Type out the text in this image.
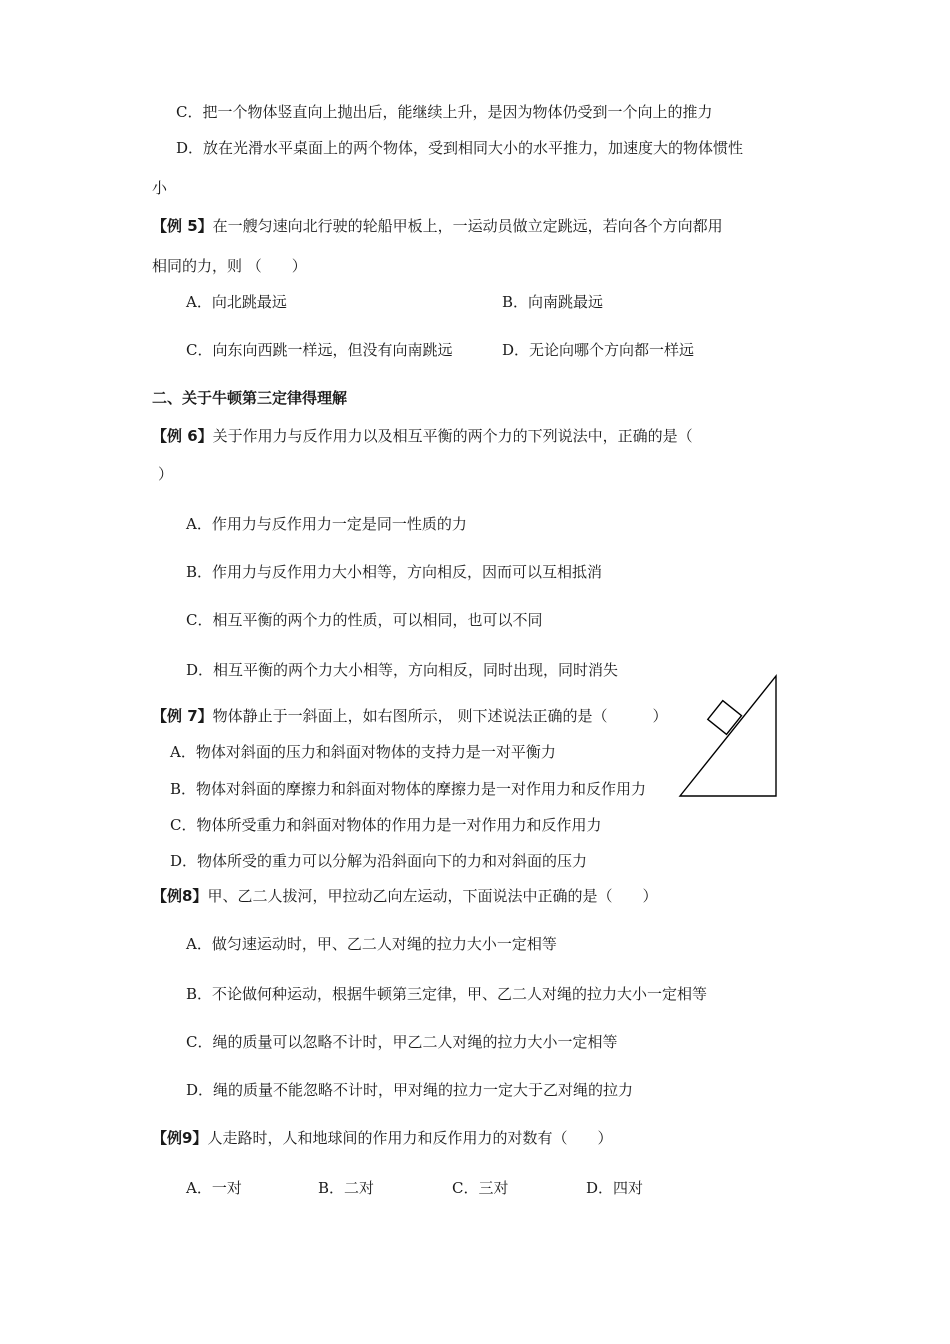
C．把一个物体竖直向上抛出后，能继续上升，是因为物体仍受到一个向上的推力
D．放在光滑水平桌面上的两个物体，受到相同大小的水平推力，加速度大的物体惯性
小
【例 5】在一艘匀速向北行驶的轮船甲板上，一运动员做立定跳远，若向各个方向都用
相同的力，则 （　　）
A．向北跳最远	B．向南跳最远
C．向东向西跳一样远，但没有向南跳远	D．无论向哪个方向都一样远
二、关于牛顿第三定律得理解
【例 6】关于作用力与反作用力以及相互平衡的两个力的下列说法中，正确的是（
）
A．作用力与反作用力一定是同一性质的力
B．作用力与反作用力大小相等，方向相反，因而可以互相抵消
C．相互平衡的两个力的性质，可以相同，也可以不同
D．相互平衡的两个力大小相等，方向相反，同时出现，同时消失
【例 7】物体静止于一斜面上，如右图所示， 则下述说法正确的是（　　　）
A．物体对斜面的压力和斜面对物体的支持力是一对平衡力
B．物体对斜面的摩擦力和斜面对物体的摩擦力是一对作用力和反作用力
C．物体所受重力和斜面对物体的作用力是一对作用力和反作用力
D．物体所受的重力可以分解为沿斜面向下的力和对斜面的压力
【例8】甲、乙二人拔河，甲拉动乙向左运动，下面说法中正确的是（　　）
A．做匀速运动时，甲、乙二人对绳的拉力大小一定相等
B．不论做何种运动，根据牛顿第三定律，甲、乙二人对绳的拉力大小一定相等
C．绳的质量可以忽略不计时，甲乙二人对绳的拉力大小一定相等
D．绳的质量不能忽略不计时，甲对绳的拉力一定大于乙对绳的拉力
【例9】人走路时，人和地球间的作用力和反作用力的对数有（　　）
A．一对	B．二对	C．三对	D．四对
